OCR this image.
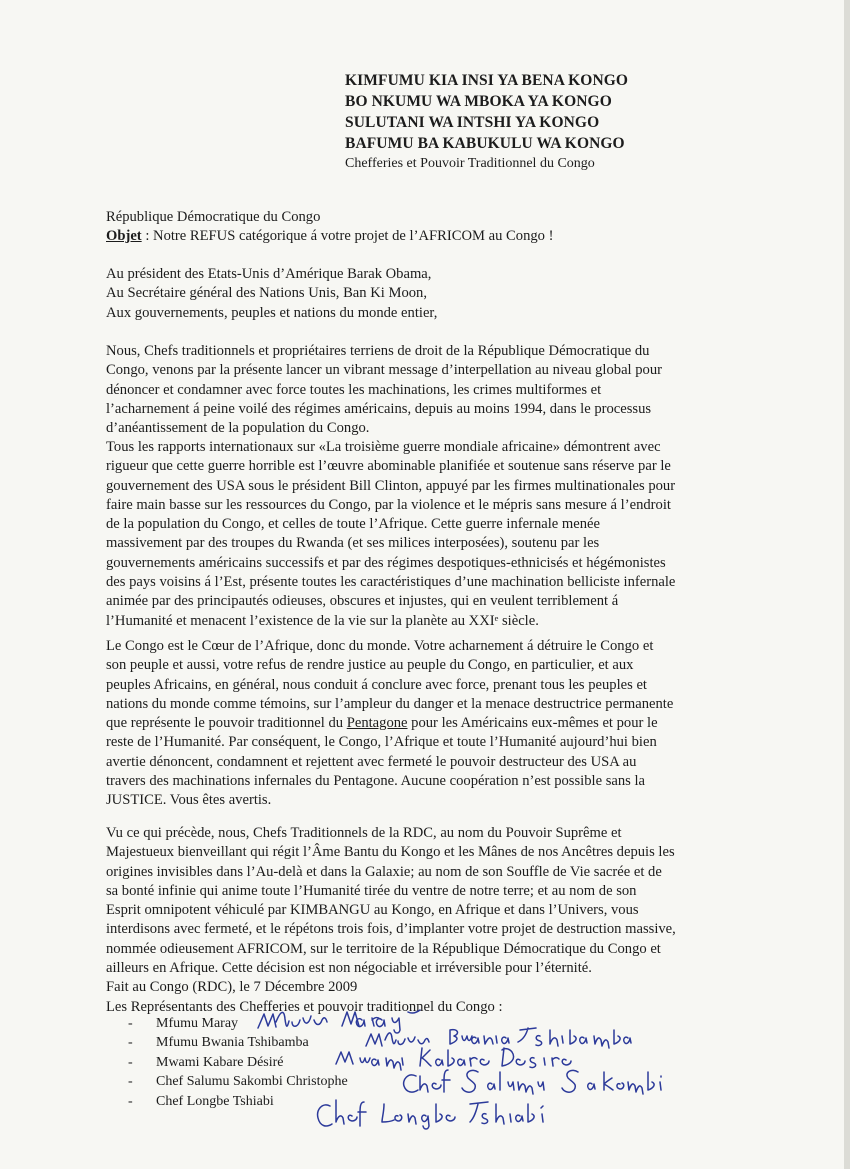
KIMFUMU KIA INSI YA BENA KONGO
BO NKUMU WA MBOKA YA KONGO
SULUTANI WA INTSHI YA KONGO
BAFUMU BA KABUKULU WA KONGO
Chefferies et Pouvoir Traditionnel du Congo
République Démocratique du Congo
Objet : Notre REFUS catégorique á votre projet de l’AFRICOM au Congo !
Au président des Etats-Unis d’Amérique Barak Obama,
Au Secrétaire général des Nations Unis, Ban Ki Moon,
Aux gouvernements, peuples et nations du monde entier,
Nous, Chefs traditionnels et propriétaires terriens de droit de la République Démocratique du
Congo, venons par la présente lancer un vibrant message d’interpellation au niveau global pour
dénoncer et condamner avec force toutes les machinations, les crimes multiformes et
l’acharnement á peine voilé des régimes américains, depuis au moins 1994, dans le processus
d’anéantissement de la population du Congo.
Tous les rapports internationaux sur «La troisième guerre mondiale africaine» démontrent avec
rigueur que cette guerre horrible est l’œuvre abominable planifiée et soutenue sans réserve par le
gouvernement des USA sous le président Bill Clinton, appuyé par les firmes multinationales pour
faire main basse sur les ressources du Congo, par la violence et le mépris sans mesure á l’endroit
de la population du Congo, et celles de toute l’Afrique. Cette guerre infernale menée
massivement par des troupes du Rwanda (et ses milices interposées), soutenu par les
gouvernements américains successifs et par des régimes despotiques-ethnicisés et hégémonistes
des pays voisins á l’Est, présente toutes les caractéristiques d’une machination belliciste infernale
animée par des principautés odieuses, obscures et injustes, qui en veulent terriblement á
l’Humanité et menacent l’existence de la vie sur la planète au XXIᵉ siècle.
Le Congo est le Cœur de l’Afrique, donc du monde. Votre acharnement á détruire le Congo et
son peuple et aussi, votre refus de rendre justice au peuple du Congo, en particulier, et aux
peuples Africains, en général, nous conduit á conclure avec force, prenant tous les peuples et
nations du monde comme témoins, sur l’ampleur du danger et la menace destructrice permanente
que représente le pouvoir traditionnel du Pentagone pour les Américains eux-mêmes et pour le
reste de l’Humanité. Par conséquent, le Congo, l’Afrique et toute l’Humanité aujourd’hui bien
avertie dénoncent, condamnent et rejettent avec fermeté le pouvoir destructeur des USA au
travers des machinations infernales du Pentagone. Aucune coopération n’est possible sans la
JUSTICE. Vous êtes avertis.
Vu ce qui précède, nous, Chefs Traditionnels de la RDC, au nom du Pouvoir Suprême et
Majestueux bienveillant qui régit l’Âme Bantu du Kongo et les Mânes de nos Ancêtres depuis les
origines invisibles dans l’Au-delà et dans la Galaxie; au nom de son Souffle de Vie sacrée et de
sa bonté infinie qui anime toute l’Humanité tirée du ventre de notre terre; et au nom de son
Esprit omnipotent véhiculé par KIMBANGU au Kongo, en Afrique et dans l’Univers, vous
interdisons avec fermeté, et le répétons trois fois, d’implanter votre projet de destruction massive,
nommée odieusement AFRICOM, sur le territoire de la République Démocratique du Congo et
ailleurs en Afrique. Cette décision est non négociable et irréversible pour l’éternité.
Fait au Congo (RDC), le 7 Décembre 2009
Les Représentants des Chefferies et pouvoir traditionnel du Congo :
- Mfumu Maray
- Mfumu Bwania Tshibamba
- Mwami Kabare Désiré
- Chef Salumu Sakombi Christophe
- Chef Longbe Tshiabi
